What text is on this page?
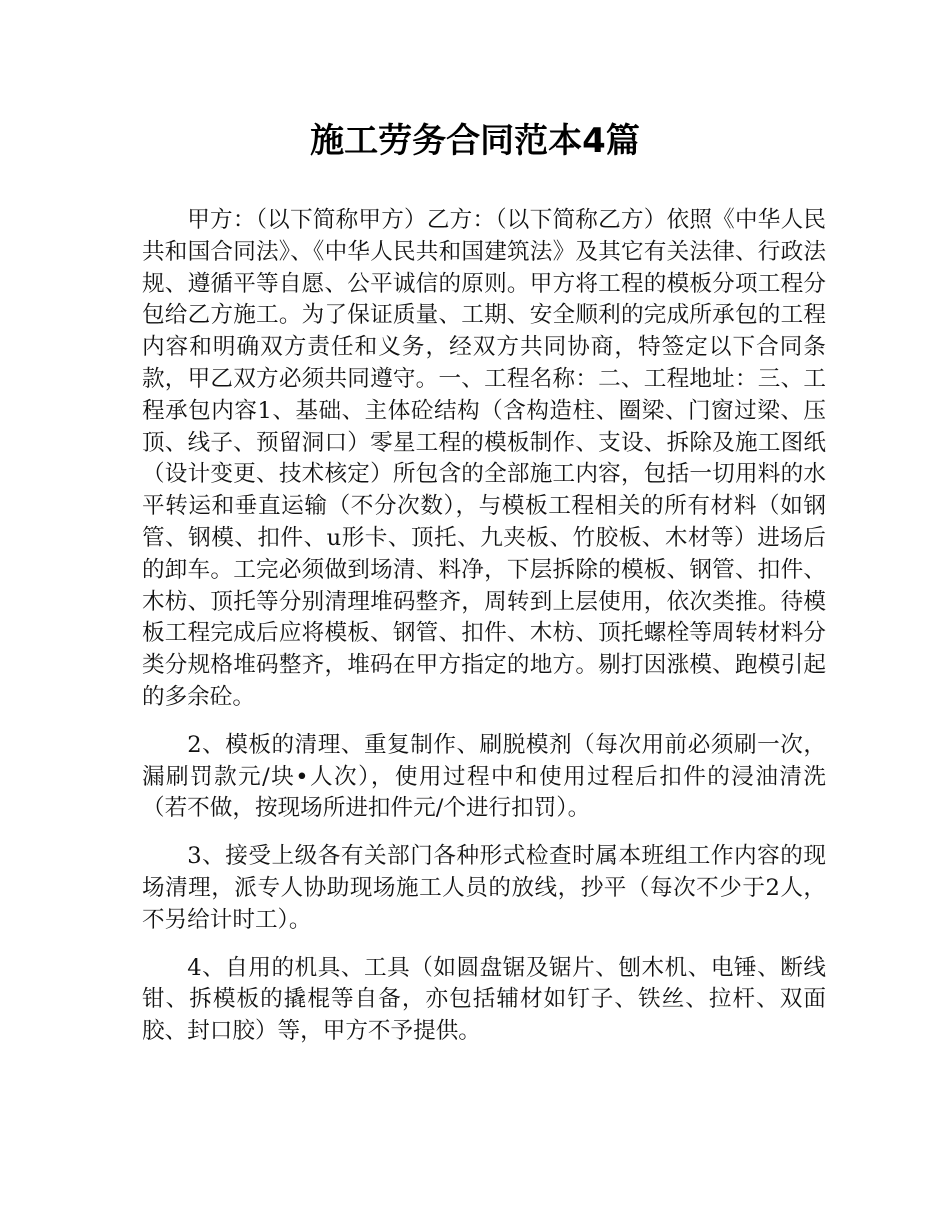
施工劳务合同范本4篇

甲方：（以下简称甲方）乙方：（以下简称乙方）依照《中华人民共和国合同法》、《中华人民共和国建筑法》及其它有关法律、行政法规、遵循平等自愿、公平诚信的原则。甲方将工程的模板分项工程分包给乙方施工。为了保证质量、工期、安全顺利的完成所承包的工程内容和明确双方责任和义务，经双方共同协商，特签定以下合同条款，甲乙双方必须共同遵守。一、工程名称：二、工程地址：三、工程承包内容1、基础、主体砼结构（含构造柱、圈梁、门窗过梁、压顶、线子、预留洞口）零星工程的模板制作、支设、拆除及施工图纸（设计变更、技术核定）所包含的全部施工内容，包括一切用料的水平转运和垂直运输（不分次数），与模板工程相关的所有材料（如钢管、钢模、扣件、u形卡、顶托、九夹板、竹胶板、木材等）进场后的卸车。工完必须做到场清、料净，下层拆除的模板、钢管、扣件、木枋、顶托等分别清理堆码整齐，周转到上层使用，依次类推。待模板工程完成后应将模板、钢管、扣件、木枋、顶托螺栓等周转材料分类分规格堆码整齐，堆码在甲方指定的地方。剔打因涨模、跑模引起的多余砼。

2、模板的清理、重复制作、刷脱模剂（每次用前必须刷一次，漏刷罚款元/块•人次），使用过程中和使用过程后扣件的浸油清洗（若不做，按现场所进扣件元/个进行扣罚）。

3、接受上级各有关部门各种形式检查时属本班组工作内容的现场清理，派专人协助现场施工人员的放线，抄平（每次不少于2人，不另给计时工）。

4、自用的机具、工具（如圆盘锯及锯片、刨木机、电锤、断线钳、拆模板的撬棍等自备，亦包括辅材如钉子、铁丝、拉杆、双面胶、封口胶）等，甲方不予提供。
